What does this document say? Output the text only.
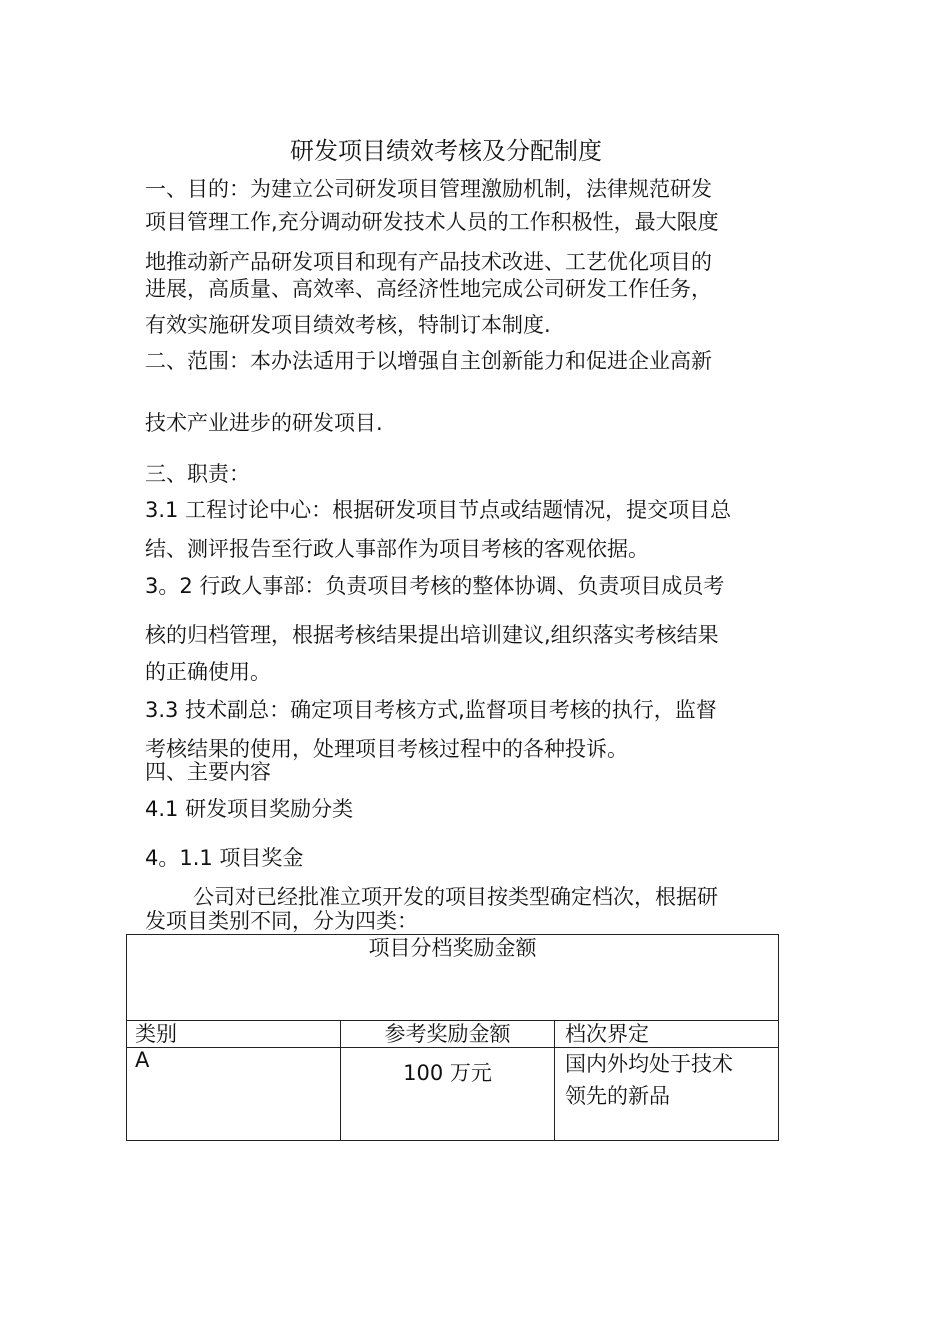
研发项目绩效考核及分配制度

一、目的：为建立公司研发项目管理激励机制，法律规范研发

项目管理工作,充分调动研发技术人员的工作积极性，最大限度

地推动新产品研发项目和现有产品技术改进、工艺优化项目的

进展，高质量、高效率、高经济性地完成公司研发工作任务，

有效实施研发项目绩效考核，特制订本制度.

二、范围：本办法适用于以增强自主创新能力和促进企业高新

技术产业进步的研发项目.

三、职责：

3.1 工程讨论中心：根据研发项目节点或结题情况，提交项目总

结、测评报告至行政人事部作为项目考核的客观依据。

3。2 行政人事部：负责项目考核的整体协调、负责项目成员考

核的归档管理，根据考核结果提出培训建议,组织落实考核结果

的正确使用。

3.3 技术副总：确定项目考核方式,监督项目考核的执行，监督

考核结果的使用，处理项目考核过程中的各种投诉。

四、主要内容

4.1 研发项目奖励分类

4。1.1 项目奖金

公司对已经批准立项开发的项目按类型确定档次，根据研

发项目类别不同，分为四类：

项目分档奖励金额		
类别	参考奖励金额	档次界定
A	100 万元	国内外均处于技术
领先的新品
